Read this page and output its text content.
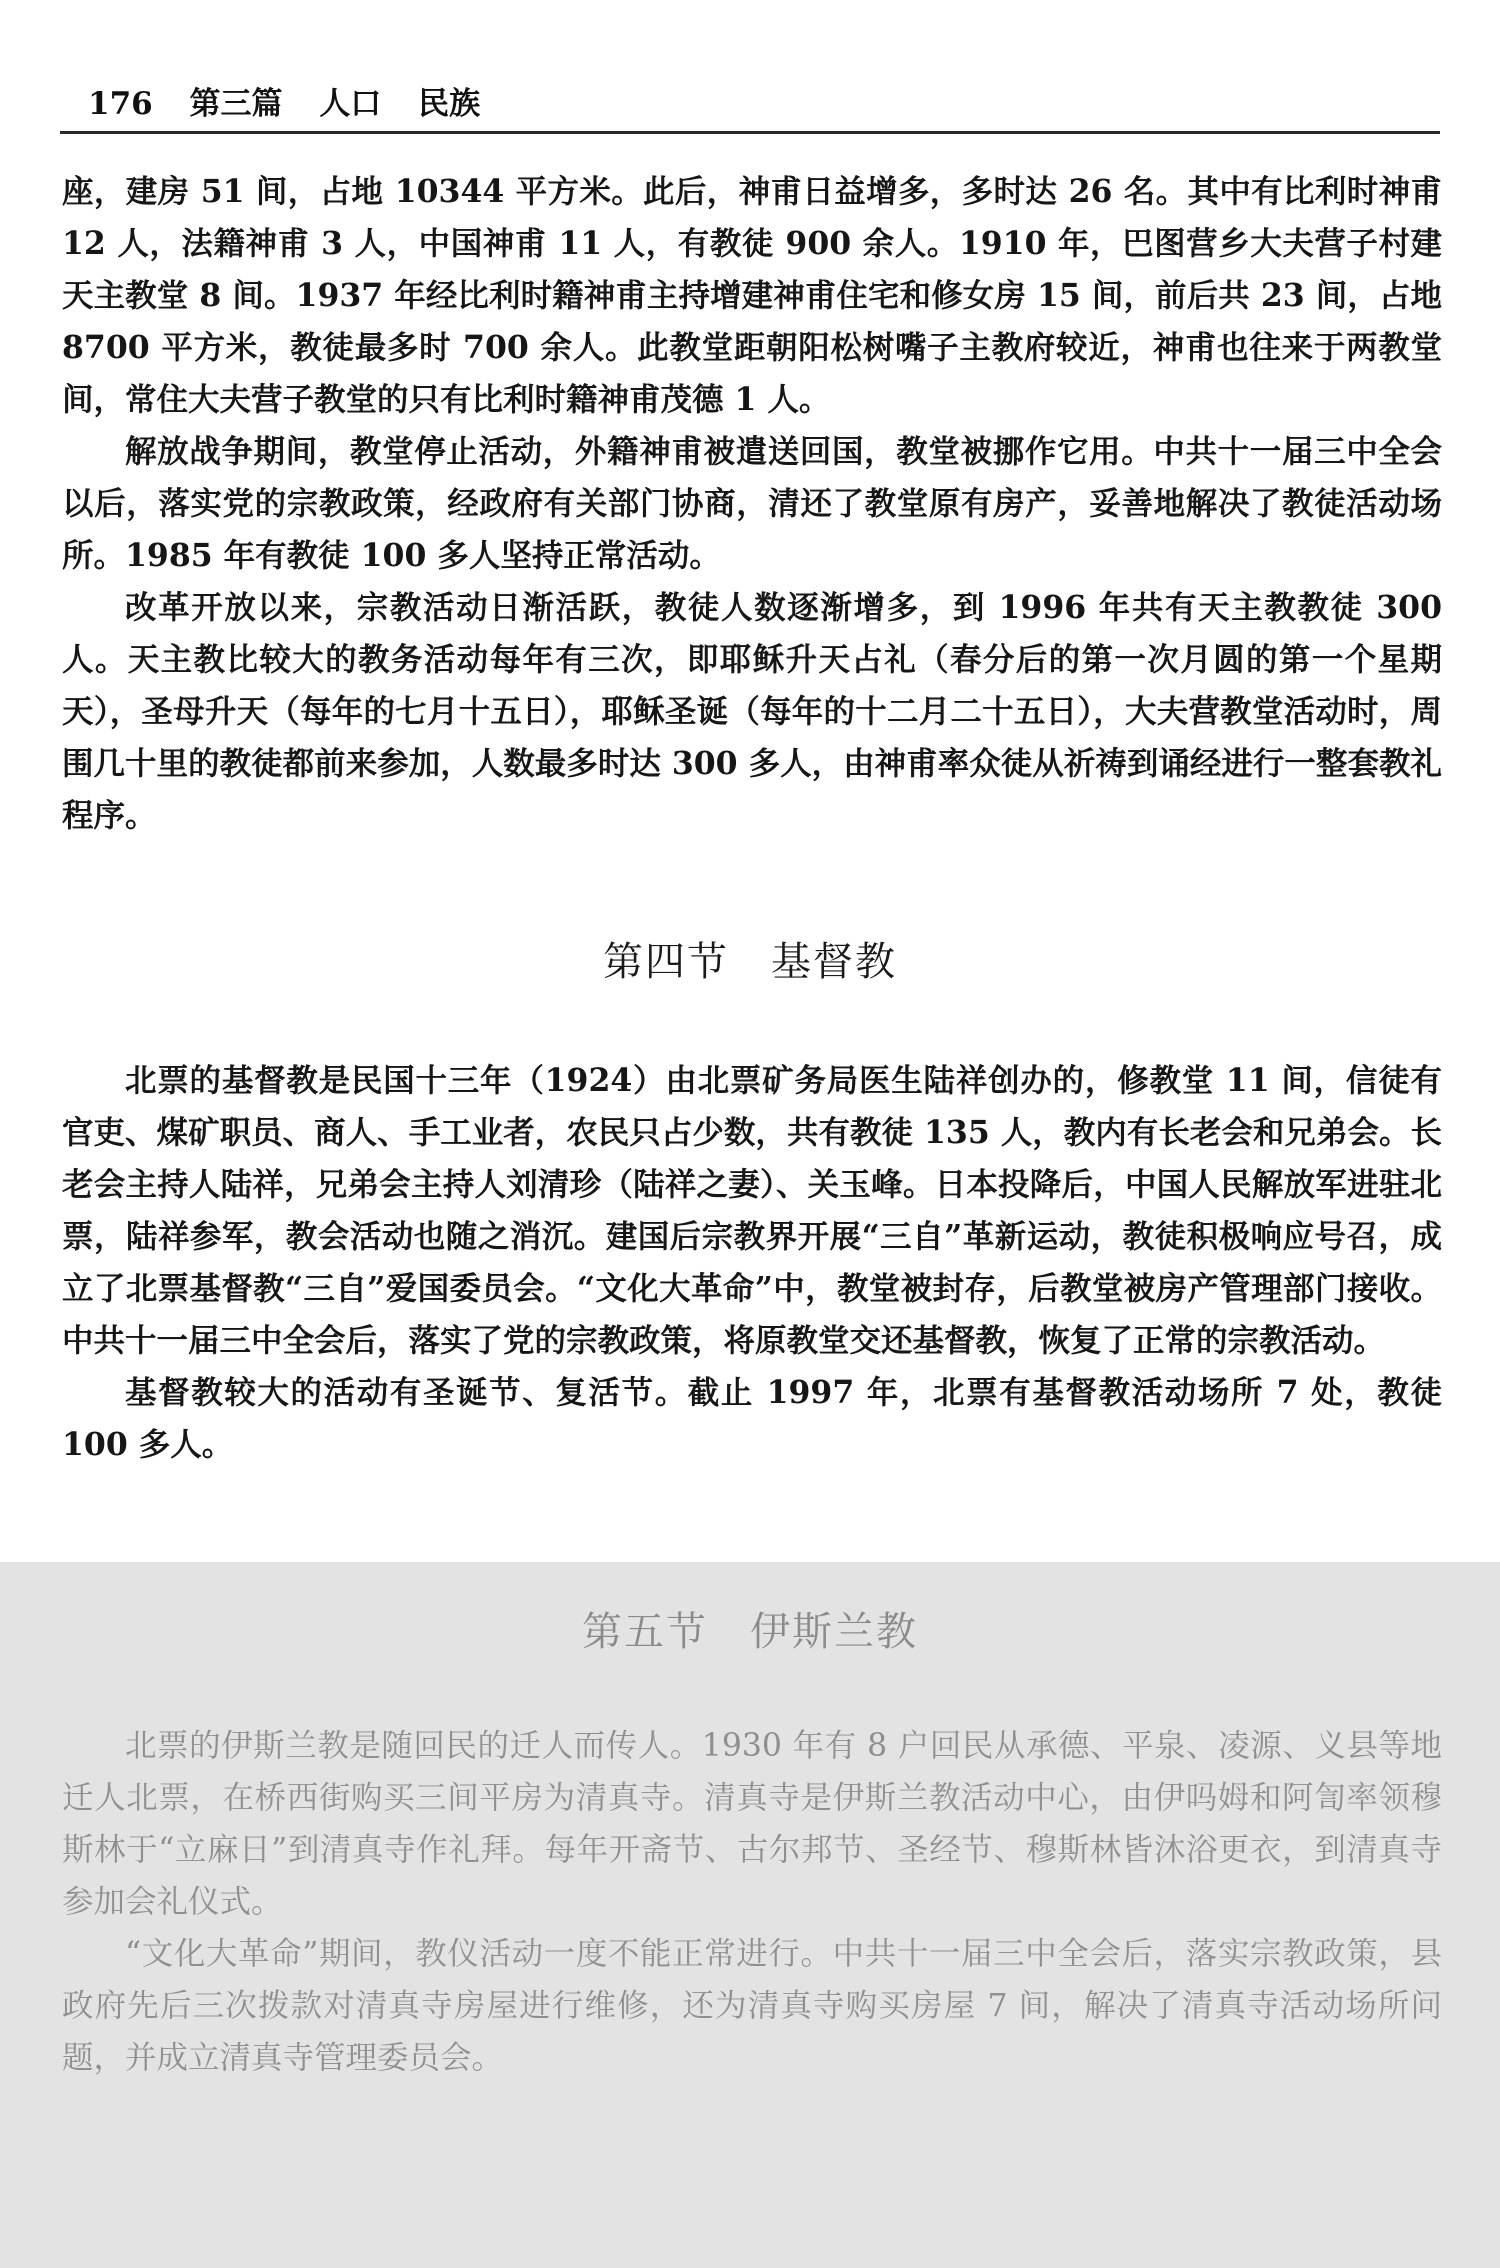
176 第三篇 人口 民族

座，建房 51 间，占地 10344 平方米。此后，神甫日益增多，多时达 26 名。其中有比利时神甫 12 人，法籍神甫 3 人，中国神甫 11 人，有教徒 900 余人。1910 年，巴图营乡大夫营子村建天主教堂 8 间。1937 年经比利时籍神甫主持增建神甫住宅和修女房 15 间，前后共 23 间，占地 8700 平方米，教徒最多时 700 余人。此教堂距朝阳松树嘴子主教府较近，神甫也往来于两教堂间，常住大夫营子教堂的只有比利时籍神甫茂德 1 人。

解放战争期间，教堂停止活动，外籍神甫被遣送回国，教堂被挪作它用。中共十一届三中全会以后，落实党的宗教政策，经政府有关部门协商，清还了教堂原有房产，妥善地解决了教徒活动场所。1985 年有教徒 100 多人坚持正常活动。

改革开放以来，宗教活动日渐活跃，教徒人数逐渐增多，到 1996 年共有天主教教徒 300 人。天主教比较大的教务活动每年有三次，即耶稣升天占礼（春分后的第一次月圆的第一个星期天），圣母升天（每年的七月十五日），耶稣圣诞（每年的十二月二十五日），大夫营教堂活动时，周围几十里的教徒都前来参加，人数最多时达 300 多人，由神甫率众徒从祈祷到诵经进行一整套教礼程序。

第四节　基督教

北票的基督教是民国十三年（1924）由北票矿务局医生陆祥创办的，修教堂 11 间，信徒有官吏、煤矿职员、商人、手工业者，农民只占少数，共有教徒 135 人，教内有长老会和兄弟会。长老会主持人陆祥，兄弟会主持人刘清珍（陆祥之妻）、关玉峰。日本投降后，中国人民解放军进驻北票，陆祥参军，教会活动也随之消沉。建国后宗教界开展“三自”革新运动，教徒积极响应号召，成立了北票基督教“三自”爱国委员会。“文化大革命”中，教堂被封存，后教堂被房产管理部门接收。中共十一届三中全会后，落实了党的宗教政策，将原教堂交还基督教，恢复了正常的宗教活动。

基督教较大的活动有圣诞节、复活节。截止 1997 年，北票有基督教活动场所 7 处，教徒 100 多人。

第五节　伊斯兰教

北票的伊斯兰教是随回民的迁人而传人。1930 年有 8 户回民从承德、平泉、凌源、义县等地迁人北票，在桥西街购买三间平房为清真寺。清真寺是伊斯兰教活动中心，由伊吗姆和阿訇率领穆斯林于“立麻日”到清真寺作礼拜。每年开斋节、古尔邦节、圣经节、穆斯林皆沐浴更衣，到清真寺参加会礼仪式。

“文化大革命”期间，教仪活动一度不能正常进行。中共十一届三中全会后，落实宗教政策，县政府先后三次拨款对清真寺房屋进行维修，还为清真寺购买房屋 7 间，解决了清真寺活动场所问题，并成立清真寺管理委员会。
